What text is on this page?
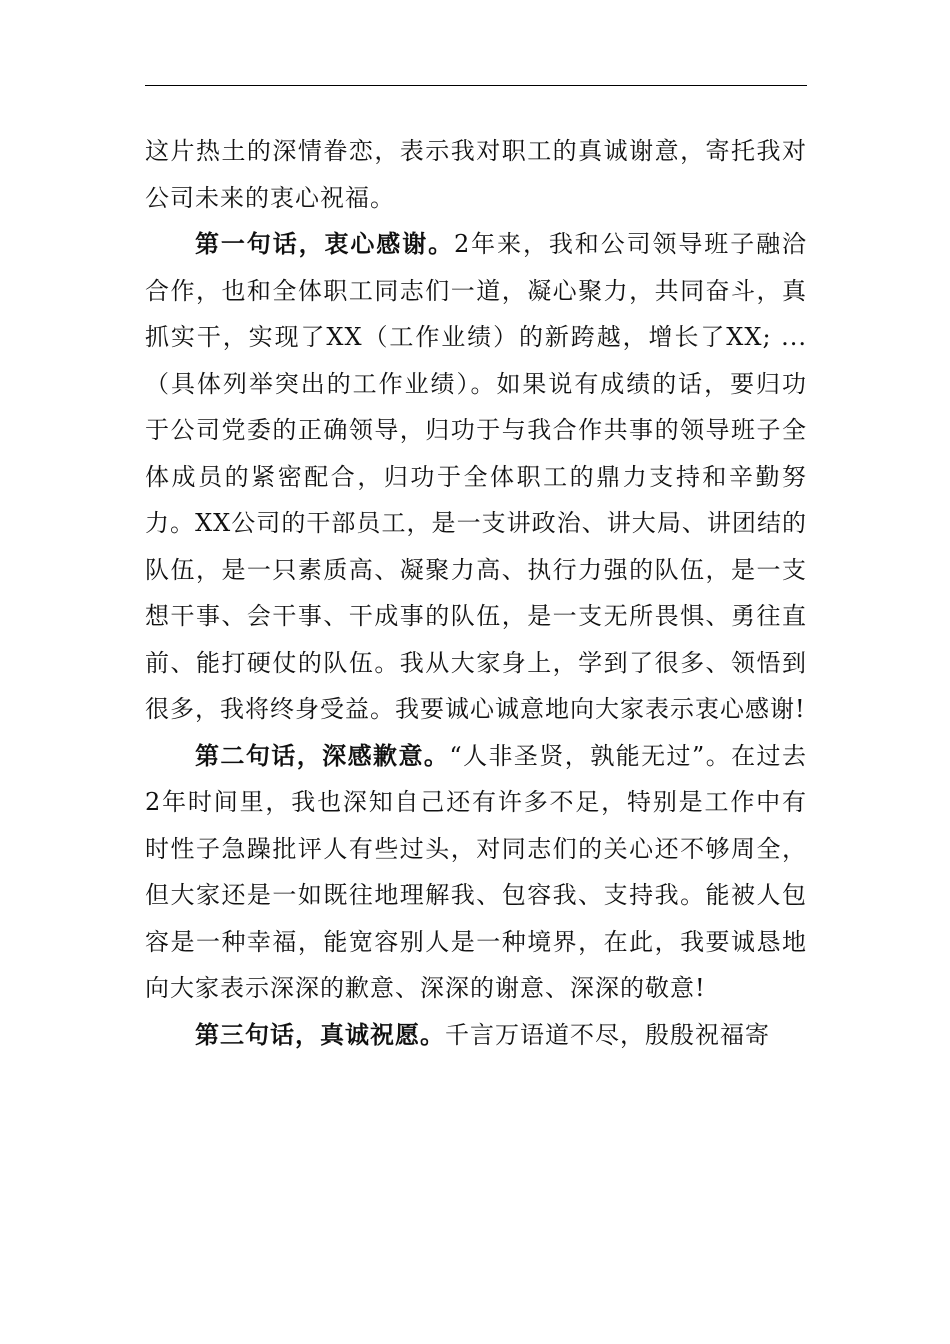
这片热土的深情眷恋，表示我对职工的真诚谢意，寄托我对公司未来的衷心祝福。

第一句话，衷心感谢。2年来，我和公司领导班子融洽合作，也和全体职工同志们一道，凝心聚力，共同奋斗，真抓实干，实现了XX（工作业绩）的新跨越，增长了XX; ...（具体列举突出的工作业绩）。如果说有成绩的话，要归功于公司党委的正确领导，归功于与我合作共事的领导班子全体成员的紧密配合，归功于全体职工的鼎力支持和辛勤努力。XX公司的干部员工，是一支讲政治、讲大局、讲团结的队伍，是一只素质高、凝聚力高、执行力强的队伍，是一支想干事、会干事、干成事的队伍，是一支无所畏惧、勇往直前、能打硬仗的队伍。我从大家身上，学到了很多、领悟到很多，我将终身受益。我要诚心诚意地向大家表示衷心感谢!

第二句话，深感歉意。“人非圣贤，孰能无过”。在过去2年时间里，我也深知自己还有许多不足，特别是工作中有时性子急躁批评人有些过头，对同志们的关心还不够周全，但大家还是一如既往地理解我、包容我、支持我。能被人包容是一种幸福，能宽容别人是一种境界，在此，我要诚恳地向大家表示深深的歉意、深深的谢意、深深的敬意!

第三句话，真诚祝愿。千言万语道不尽，殷殷祝福寄
